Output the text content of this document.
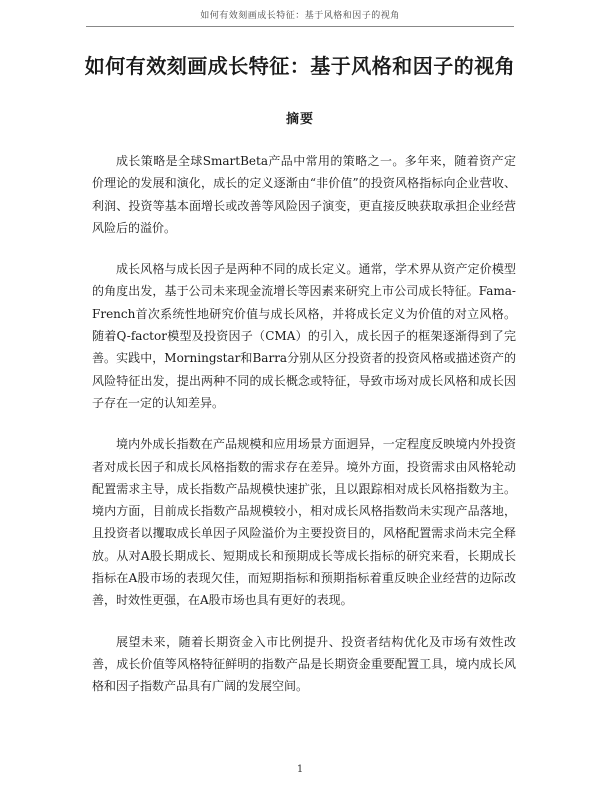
如何有效刻画成长特征：基于风格和因子的视角
如何有效刻画成长特征：基于风格和因子的视角
摘要

成长策略是全球SmartBeta产品中常用的策略之一。多年来，随着资产定价理论的发展和演化，成长的定义逐渐由“非价值”的投资风格指标向企业营收、利润、投资等基本面增长或改善等风险因子演变，更直接反映获取承担企业经营风险后的溢价。

成长风格与成长因子是两种不同的成长定义。通常，学术界从资产定价模型的角度出发，基于公司未来现金流增长等因素来研究上市公司成长特征。Fama-French首次系统性地研究价值与成长风格，并将成长定义为价值的对立风格。随着Q-factor模型及投资因子（CMA）的引入，成长因子的框架逐渐得到了完善。实践中，Morningstar和Barra分别从区分投资者的投资风格或描述资产的风险特征出发，提出两种不同的成长概念或特征，导致市场对成长风格和成长因子存在一定的认知差异。

境内外成长指数在产品规模和应用场景方面迥异，一定程度反映境内外投资者对成长因子和成长风格指数的需求存在差异。境外方面，投资需求由风格轮动配置需求主导，成长指数产品规模快速扩张，且以跟踪相对成长风格指数为主。境内方面，目前成长指数产品规模较小，相对成长风格指数尚未实现产品落地，且投资者以攫取成长单因子风险溢价为主要投资目的，风格配置需求尚未完全释放。从对A股长期成长、短期成长和预期成长等成长指标的研究来看，长期成长指标在A股市场的表现欠佳，而短期指标和预期指标着重反映企业经营的边际改善，时效性更强，在A股市场也具有更好的表现。

展望未来，随着长期资金入市比例提升、投资者结构优化及市场有效性改善，成长价值等风格特征鲜明的指数产品是长期资金重要配置工具，境内成长风格和因子指数产品具有广阔的发展空间。

1
